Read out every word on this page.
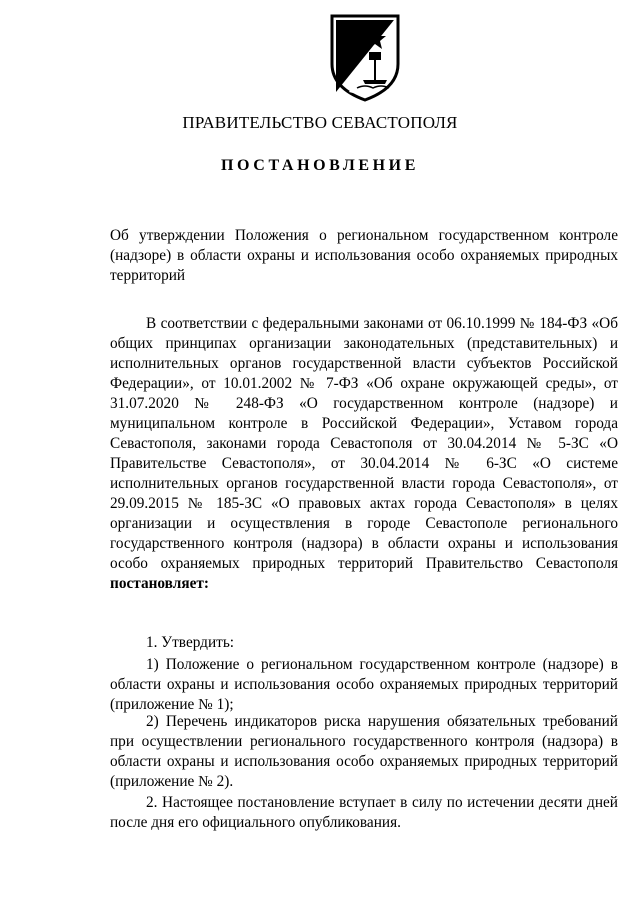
ПРАВИТЕЛЬСТВО СЕВАСТОПОЛЯ
ПОСТАНОВЛЕНИЕ
Об утверждении Положения о региональном государственном контроле (надзоре) в области охраны и использования особо охраняемых природных территорий
В соответствии с федеральными законами от 06.10.1999 № 184-ФЗ «Об общих принципах организации законодательных (представительных) и исполнительных органов государственной власти субъектов Российской Федерации», от 10.01.2002 № 7-ФЗ «Об охране окружающей среды», от 31.07.2020 № 248-ФЗ «О государственном контроле (надзоре) и муниципальном контроле в Российской Федерации», Уставом города Севастополя, законами города Севастополя от 30.04.2014 № 5-ЗС «О Правительстве Севастополя», от 30.04.2014 № 6-ЗС «О системе исполнительных органов государственной власти города Севастополя», от 29.09.2015 № 185-ЗС «О правовых актах города Севастополя» в целях организации и осуществления в городе Севастополе регионального государственного контроля (надзора) в области охраны и использования особо охраняемых природных территорий Правительство Севастополя постановляет:
1. Утвердить:
1) Положение о региональном государственном контроле (надзоре) в области охраны и использования особо охраняемых природных территорий (приложение № 1);
2) Перечень индикаторов риска нарушения обязательных требований при осуществлении регионального государственного контроля (надзора) в области охраны и использования особо охраняемых природных территорий (приложение № 2).
2. Настоящее постановление вступает в силу по истечении десяти дней после дня его официального опубликования.
